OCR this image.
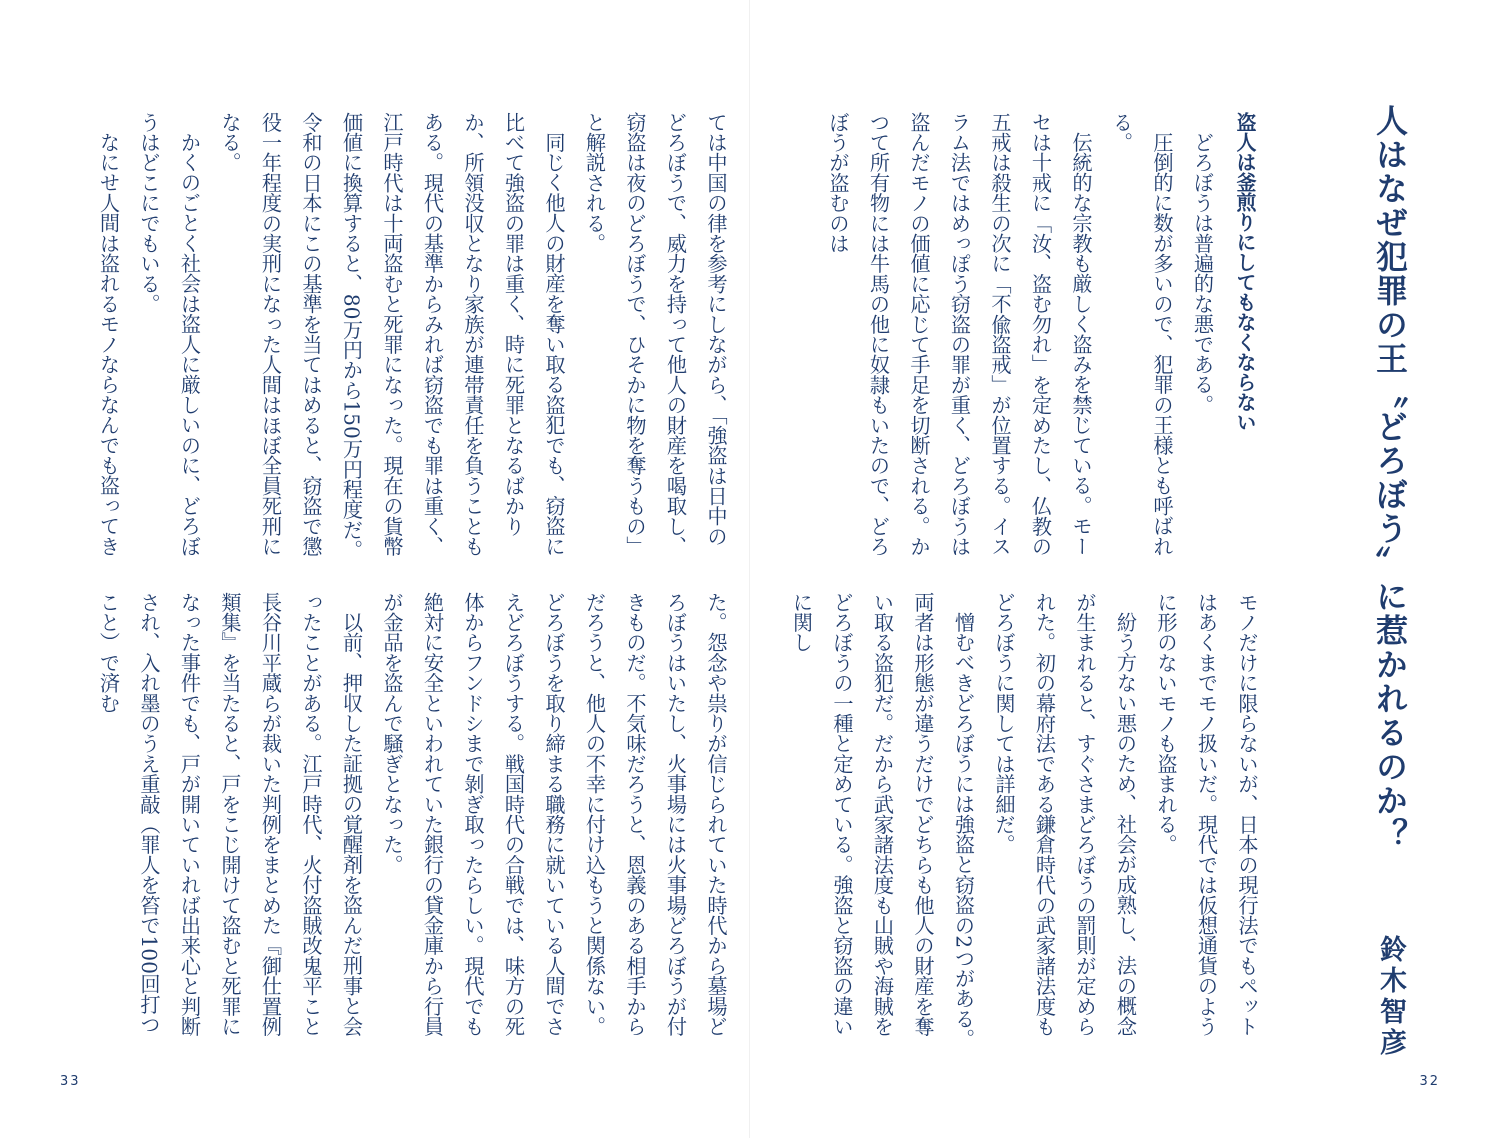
人はなぜ犯罪の王〝どろぼう〟に惹かれるのか？
鈴木智彦

盗人は釜煎りにしてもなくならない

どろぼうは普遍的な悪である。

圧倒的に数が多いので、犯罪の王様とも呼ばれる。

伝統的な宗教も厳しく盗みを禁じている。モーセは十戒に「汝、盗む勿れ」を定めたし、仏教の五戒は殺生の次に「不偸盗戒」が位置する。イスラム法ではめっぽう窃盗の罪が重く、どろぼうは盗んだモノの価値に応じて手足を切断される。かつて所有物には牛馬の他に奴隷もいたので、どろぼうが盗むのは

モノだけに限らないが、日本の現行法でもペットはあくまでモノ扱いだ。現代では仮想通貨のように形のないモノも盗まれる。

紛う方ない悪のため、社会が成熟し、法の概念が生まれると、すぐさまどろぼうの罰則が定められた。初の幕府法である鎌倉時代の武家諸法度もどろぼうに関しては詳細だ。

憎むべきどろぼうには強盗と窃盗の2つがある。両者は形態が違うだけでどちらも他人の財産を奪い取る盗犯だ。だから武家諸法度も山賊や海賊をどろぼうの一種と定めている。強盗と窃盗の違いに関し

32

ては中国の律を参考にしながら、「強盗は日中のどろぼうで、威力を持って他人の財産を喝取し、窃盗は夜のどろぼうで、ひそかに物を奪うもの」と解説される。

同じく他人の財産を奪い取る盗犯でも、窃盗に比べて強盗の罪は重く、時に死罪となるばかりか、所領没収となり家族が連帯責任を負うこともある。現代の基準からみれば窃盗でも罪は重く、江戸時代は十両盗むと死罪になった。現在の貨幣価値に換算すると、80万円から150万円程度だ。令和の日本にこの基準を当てはめると、窃盗で懲役一年程度の実刑になった人間はほぼ全員死刑になる。

かくのごとく社会は盗人に厳しいのに、どろぼうはどこにでもいる。

なにせ人間は盗れるモノならなんでも盗ってき

た。怨念や祟りが信じられていた時代から墓場どろぼうはいたし、火事場には火事場どろぼうが付きものだ。不気味だろうと、恩義のある相手からだろうと、他人の不幸に付け込もうと関係ない。どろぼうを取り締まる職務に就いている人間でさえどろぼうする。戦国時代の合戦では、味方の死体からフンドシまで剝ぎ取ったらしい。現代でも絶対に安全といわれていた銀行の貸金庫から行員が金品を盗んで騒ぎとなった。

以前、押収した証拠の覚醒剤を盗んだ刑事と会ったことがある。江戸時代、火付盗賊改鬼平こと長谷川平蔵らが裁いた判例をまとめた『御仕置例類集』を当たると、戸をこじ開けて盗むと死罪になった事件でも、戸が開いていれば出来心と判断され、入れ墨のうえ重敲（罪人を笞で100回打つこと）で済む

33
